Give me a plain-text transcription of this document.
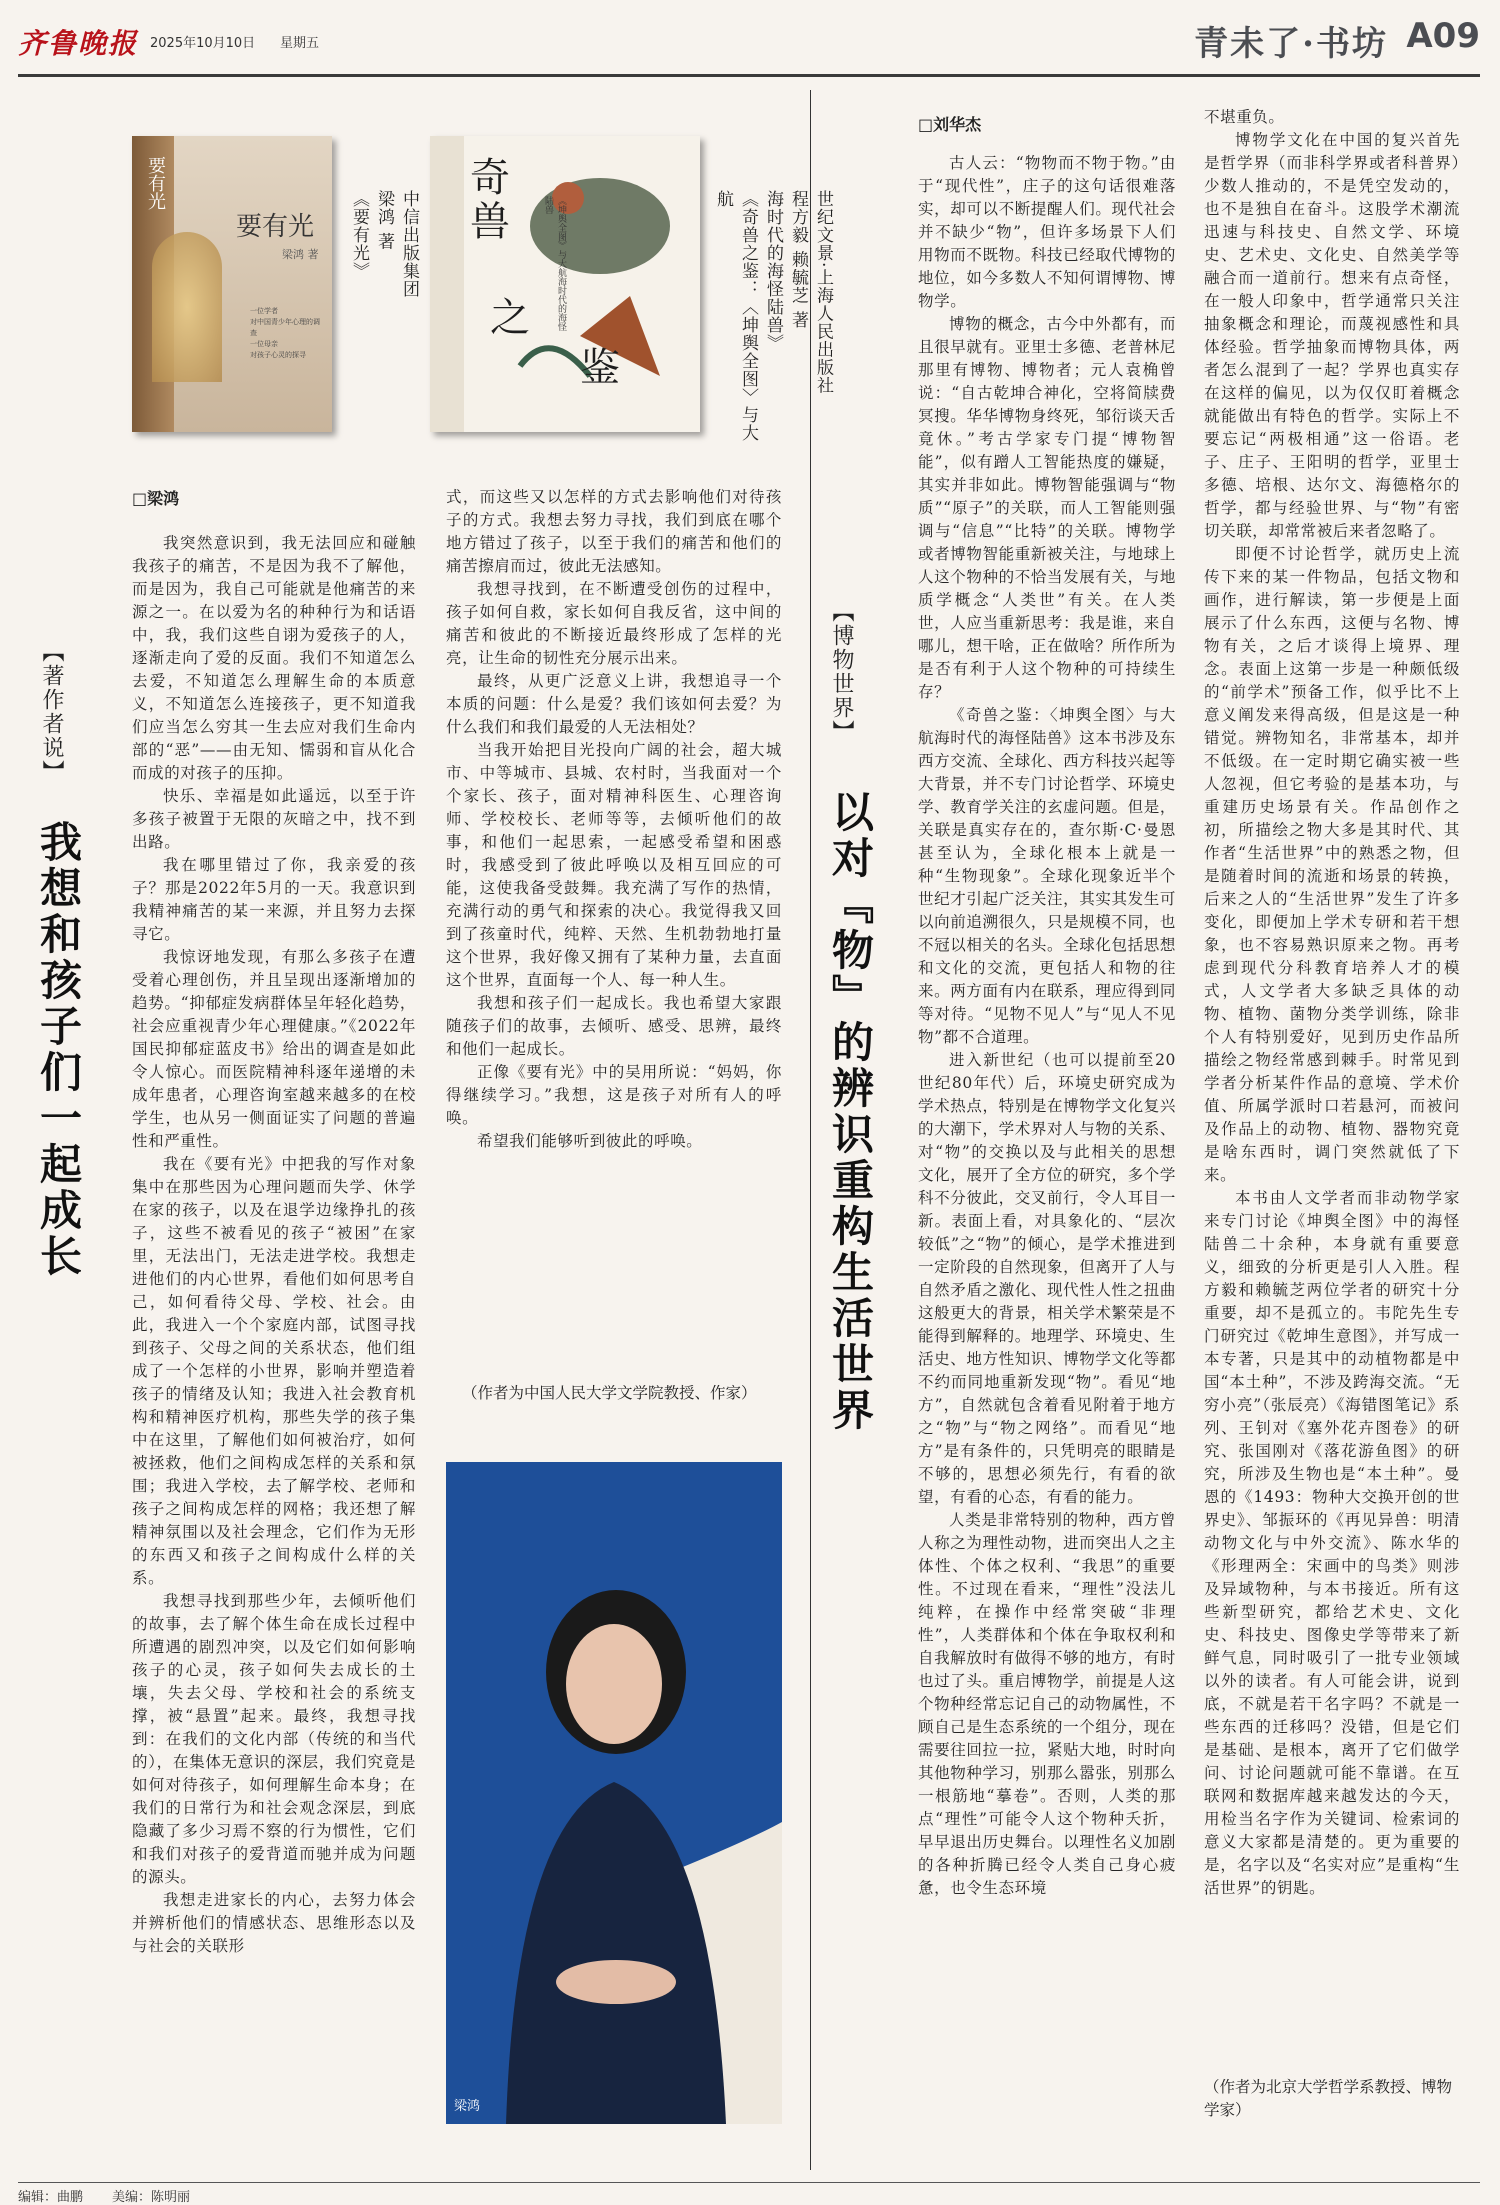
齐鲁晚报 2025年10月10日 星期五	青未了·书坊 A09
要有光
要有光
梁鸿 著
一位学者
对中国青少年心理的调查
一位母亲
对孩子心灵的探寻
中信出版集团
梁鸿 著
《要有光》
奇
兽
之
鉴
《坤舆全图》与大航海时代的海怪陆兽	世纪文景·上海人民出版社
程方毅 赖毓芝 著
海时代的海怪陆兽》
《奇兽之鉴：〈坤舆全图〉与大航
【著作者说】
我想和孩子们一起成长
□梁鸿

我突然意识到，我无法回应和碰触我孩子的痛苦，不是因为我不了解他，而是因为，我自己可能就是他痛苦的来源之一。在以爱为名的种种行为和话语中，我，我们这些自诩为爱孩子的人，逐渐走向了爱的反面。我们不知道怎么去爱，不知道怎么理解生命的本质意义，不知道怎么连接孩子，更不知道我们应当怎么穷其一生去应对我们生命内部的“恶”——由无知、懦弱和盲从化合而成的对孩子的压抑。

快乐、幸福是如此遥远，以至于许多孩子被置于无限的灰暗之中，找不到出路。

我在哪里错过了你，我亲爱的孩子？那是2022年5月的一天。我意识到我精神痛苦的某一来源，并且努力去探寻它。

我惊讶地发现，有那么多孩子在遭受着心理创伤，并且呈现出逐渐增加的趋势。“抑郁症发病群体呈年轻化趋势，社会应重视青少年心理健康。”《2022年国民抑郁症蓝皮书》给出的调查是如此令人惊心。而医院精神科逐年递增的未成年患者，心理咨询室越来越多的在校学生，也从另一侧面证实了问题的普遍性和严重性。

我在《要有光》中把我的写作对象集中在那些因为心理问题而失学、休学在家的孩子，以及在退学边缘挣扎的孩子，这些不被看见的孩子“被困”在家里，无法出门，无法走进学校。我想走进他们的内心世界，看他们如何思考自己，如何看待父母、学校、社会。由此，我进入一个个家庭内部，试图寻找到孩子、父母之间的关系状态，他们组成了一个怎样的小世界，影响并塑造着孩子的情绪及认知；我进入社会教育机构和精神医疗机构，那些失学的孩子集中在这里，了解他们如何被治疗，如何被拯救，他们之间构成怎样的关系和氛围；我进入学校，去了解学校、老师和孩子之间构成怎样的网格；我还想了解精神氛围以及社会理念，它们作为无形的东西又和孩子之间构成什么样的关系。

我想寻找到那些少年，去倾听他们的故事，去了解个体生命在成长过程中所遭遇的剧烈冲突，以及它们如何影响孩子的心灵，孩子如何失去成长的土壤，失去父母、学校和社会的系统支撑，被“悬置”起来。最终，我想寻找到：在我们的文化内部（传统的和当代的），在集体无意识的深层，我们究竟是如何对待孩子，如何理解生命本身；在我们的日常行为和社会观念深层，到底隐藏了多少习焉不察的行为惯性，它们和我们对孩子的爱背道而驰并成为问题的源头。

我想走进家长的内心，去努力体会并辨析他们的情感状态、思维形态以及与社会的关联形

式，而这些又以怎样的方式去影响他们对待孩子的方式。我想去努力寻找，我们到底在哪个地方错过了孩子，以至于我们的痛苦和他们的痛苦擦肩而过，彼此无法感知。

我想寻找到，在不断遭受创伤的过程中，孩子如何自救，家长如何自我反省，这中间的痛苦和彼此的不断接近最终形成了怎样的光亮，让生命的韧性充分展示出来。

最终，从更广泛意义上讲，我想追寻一个本质的问题：什么是爱？我们该如何去爱？为什么我们和我们最爱的人无法相处？

当我开始把目光投向广阔的社会，超大城市、中等城市、县城、农村时，当我面对一个个家长、孩子，面对精神科医生、心理咨询师、学校校长、老师等等，去倾听他们的故事，和他们一起思索，一起感受希望和困惑时，我感受到了彼此呼唤以及相互回应的可能，这使我备受鼓舞。我充满了写作的热情，充满行动的勇气和探索的决心。我觉得我又回到了孩童时代，纯粹、天然、生机勃勃地打量这个世界，我好像又拥有了某种力量，去直面这个世界，直面每一个人、每一种人生。

我想和孩子们一起成长。我也希望大家跟随孩子们的故事，去倾听、感受、思辨，最终和他们一起成长。

正像《要有光》中的吴用所说：“妈妈，你得继续学习。”我想，这是孩子对所有人的呼唤。

希望我们能够听到彼此的呼唤。

（作者为中国人民大学文学院教授、作家）
梁鸿
【博物世界】
以对『物』的辨识重构生活世界
□刘华杰

古人云：“物物而不物于物。”由于“现代性”，庄子的这句话很难落实，却可以不断提醒人们。现代社会并不缺少“物”，但许多场景下人们用物而不既物。科技已经取代博物的地位，如今多数人不知何谓博物、博物学。

博物的概念，古今中外都有，而且很早就有。亚里士多德、老普林尼那里有博物、博物者；元人袁桷曾说：“自古乾坤合神化，空将简牍费冥搜。华华博物身终死，邹衍谈天舌竟休。”考古学家专门提“博物智能”，似有蹭人工智能热度的嫌疑，其实并非如此。博物智能强调与“物质”“原子”的关联，而人工智能则强调与“信息”“比特”的关联。博物学或者博物智能重新被关注，与地球上人这个物种的不恰当发展有关，与地质学概念“人类世”有关。在人类世，人应当重新思考：我是谁，来自哪儿，想干啥，正在做啥？所作所为是否有利于人这个物种的可持续生存？

《奇兽之鉴：〈坤舆全图〉与大航海时代的海怪陆兽》这本书涉及东西方交流、全球化、西方科技兴起等大背景，并不专门讨论哲学、环境史学、教育学关注的玄虚问题。但是，关联是真实存在的，查尔斯·C·曼恩甚至认为，全球化根本上就是一种“生物现象”。全球化现象近半个世纪才引起广泛关注，其实其发生可以向前追溯很久，只是规模不同，也不冠以相关的名头。全球化包括思想和文化的交流，更包括人和物的往来。两方面有内在联系，理应得到同等对待。“见物不见人”与“见人不见物”都不合道理。

进入新世纪（也可以提前至20世纪80年代）后，环境史研究成为学术热点，特别是在博物学文化复兴的大潮下，学术界对人与物的关系、对“物”的交换以及与此相关的思想文化，展开了全方位的研究，多个学科不分彼此，交叉前行，令人耳目一新。表面上看，对具象化的、“层次较低”之“物”的倾心，是学术推进到一定阶段的自然现象，但离开了人与自然矛盾之激化、现代性人性之扭曲这般更大的背景，相关学术繁荣是不能得到解释的。地理学、环境史、生活史、地方性知识、博物学文化等都不约而同地重新发现“物”。看见“地方”，自然就包含着看见附着于地方之“物”与“物之网络”。而看见“地方”是有条件的，只凭明亮的眼睛是不够的，思想必须先行，有看的欲望，有看的心态，有看的能力。

人类是非常特别的物种，西方曾人称之为理性动物，进而突出人之主体性、个体之权利、“我思”的重要性。不过现在看来，“理性”没法儿纯粹，在操作中经常突破“非理性”，人类群体和个体在争取权利和自我解放时有做得不够的地方，有时也过了头。重启博物学，前提是人这个物种经常忘记自己的动物属性，不顾自己是生态系统的一个组分，现在需要往回拉一拉，紧贴大地，时时向其他物种学习，别那么嚣张，别那么一根筋地“摹卷”。否则，人类的那点“理性”可能令人这个物种夭折，早早退出历史舞台。以理性名义加剧的各种折腾已经令人类自己身心疲惫，也令生态环境

不堪重负。

博物学文化在中国的复兴首先是哲学界（而非科学界或者科普界）少数人推动的，不是凭空发动的，也不是独自在奋斗。这股学术潮流迅速与科技史、自然文学、环境史、艺术史、文化史、自然美学等融合而一道前行。想来有点奇怪，在一般人印象中，哲学通常只关注抽象概念和理论，而蔑视感性和具体经验。哲学抽象而博物具体，两者怎么混到了一起？学界也真实存在这样的偏见，以为仅仅盯着概念就能做出有特色的哲学。实际上不要忘记“两极相通”这一俗语。老子、庄子、王阳明的哲学，亚里士多德、培根、达尔文、海德格尔的哲学，都与经验世界、与“物”有密切关联，却常常被后来者忽略了。

即便不讨论哲学，就历史上流传下来的某一件物品，包括文物和画作，进行解读，第一步便是上面展示了什么东西，这便与名物、博物有关，之后才谈得上境界、理念。表面上这第一步是一种颇低级的“前学术”预备工作，似乎比不上意义阐发来得高级，但是这是一种错觉。辨物知名，非常基本，却并不低级。在一定时期它确实被一些人忽视，但它考验的是基本功，与重建历史场景有关。作品创作之初，所描绘之物大多是其时代、其作者“生活世界”中的熟悉之物，但是随着时间的流逝和场景的转换，后来之人的“生活世界”发生了许多变化，即便加上学术专研和若干想象，也不容易熟识原来之物。再考虑到现代分科教育培养人才的模式，人文学者大多缺乏具体的动物、植物、菌物分类学训练，除非个人有特别爱好，见到历史作品所描绘之物经常感到棘手。时常见到学者分析某件作品的意境、学术价值、所属学派时口若悬河，而被问及作品上的动物、植物、器物究竟是啥东西时，调门突然就低了下来。

本书由人文学者而非动物学家来专门讨论《坤舆全图》中的海怪陆兽二十余种，本身就有重要意义，细致的分析更是引人入胜。程方毅和赖毓芝两位学者的研究十分重要，却不是孤立的。韦陀先生专门研究过《乾坤生意图》，并写成一本专著，只是其中的动植物都是中国“本土种”，不涉及跨海交流。“无穷小亮”（张辰亮）《海错图笔记》系列、王钊对《塞外花卉图卷》的研究、张国刚对《落花游鱼图》的研究，所涉及生物也是“本土种”。曼恩的《1493：物种大交换开创的世界史》、邹振环的《再见异兽：明清动物文化与中外交流》、陈水华的《形理两全：宋画中的鸟类》则涉及异域物种，与本书接近。所有这些新型研究，都给艺术史、文化史、科技史、图像史学等带来了新鲜气息，同时吸引了一批专业领域以外的读者。有人可能会讲，说到底，不就是若干名字吗？不就是一些东西的迁移吗？没错，但是它们是基础、是根本，离开了它们做学问、讨论问题就可能不靠谱。在互联网和数据库越来越发达的今天，用检当名字作为关键词、检索词的意义大家都是清楚的。更为重要的是，名字以及“名实对应”是重构“生活世界”的钥匙。

（作者为北京大学哲学系教授、博物学家）
编辑：曲鹏 美编：陈明丽
